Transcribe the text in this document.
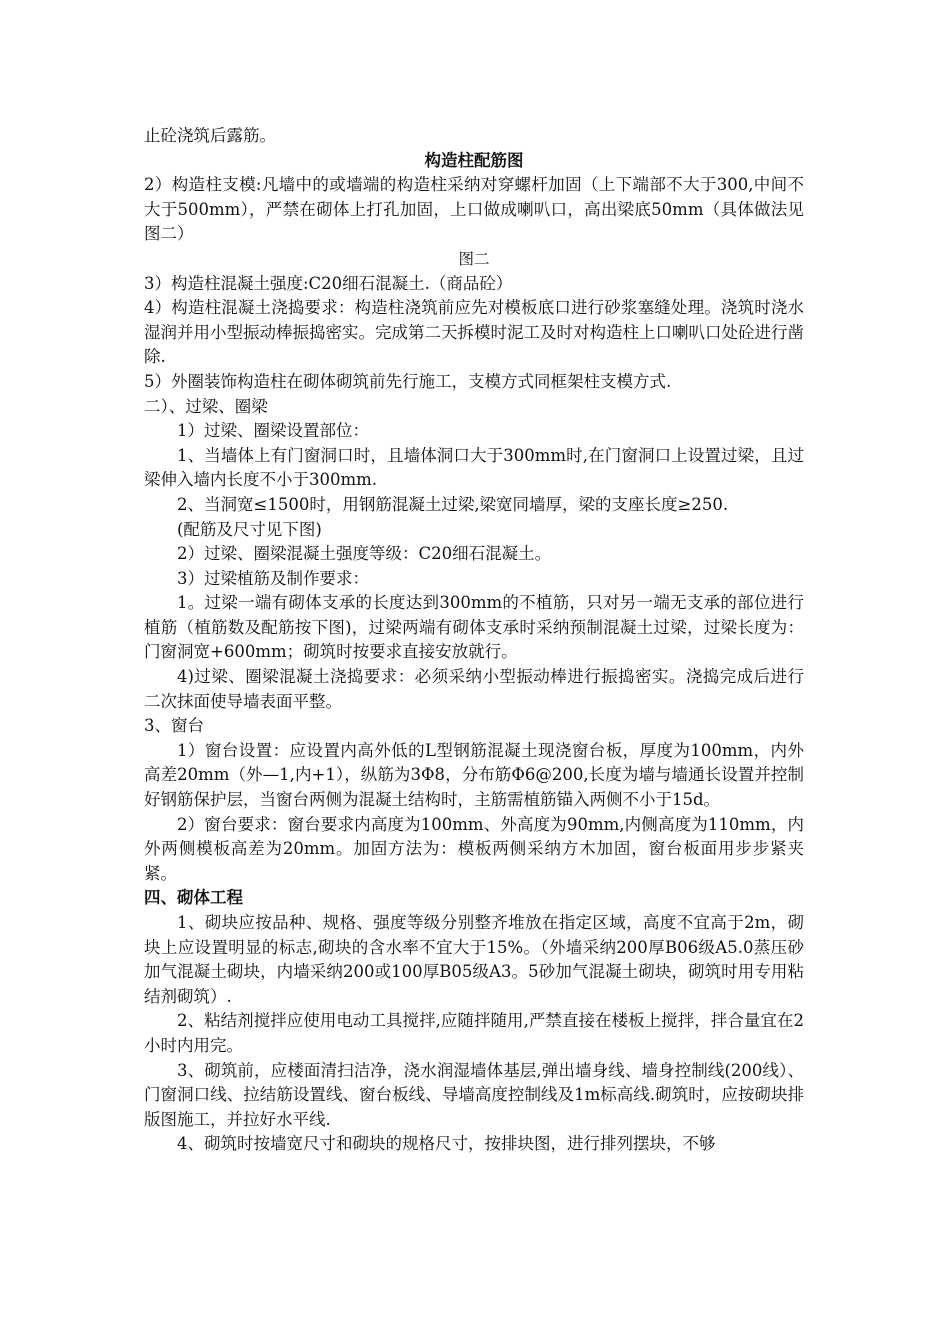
止砼浇筑后露筋。

构造柱配筋图

2）构造柱支模:凡墙中的或墙端的构造柱采纳对穿螺杆加固（上下端部不大于300,中间不大于500mm），严禁在砌体上打孔加固，上口做成喇叭口，高出梁底50mm（具体做法见图二）

图二

3）构造柱混凝土强度:C20细石混凝土.（商品砼）

4）构造柱混凝土浇捣要求：构造柱浇筑前应先对模板底口进行砂浆塞缝处理。浇筑时浇水湿润并用小型振动棒振捣密实。完成第二天拆模时泥工及时对构造柱上口喇叭口处砼进行凿除.

5）外圈装饰构造柱在砌体砌筑前先行施工，支模方式同框架柱支模方式.

二）、过梁、圈梁

1）过梁、圈梁设置部位：

1、当墙体上有门窗洞口时，且墙体洞口大于300mm时,在门窗洞口上设置过梁，且过梁伸入墙内长度不小于300mm.

2、当洞宽≤1500时，用钢筋混凝土过梁,梁宽同墙厚，梁的支座长度≥250.

(配筋及尺寸见下图)

2）过梁、圈梁混凝土强度等级：C20细石混凝土。

3）过梁植筋及制作要求：

1。过梁一端有砌体支承的长度达到300mm的不植筋，只对另一端无支承的部位进行植筋（植筋数及配筋按下图)，过梁两端有砌体支承时采纳预制混凝土过梁，过梁长度为：门窗洞宽+600mm；砌筑时按要求直接安放就行。

4)过梁、圈梁混凝土浇捣要求：必须采纳小型振动棒进行振捣密实。浇捣完成后进行二次抹面使导墙表面平整。

3、窗台

1）窗台设置：应设置内高外低的L型钢筋混凝土现浇窗台板，厚度为100mm，内外高差20mm（外—1,内+1），纵筋为3Φ8，分布筋Φ6@200,长度为墙与墙通长设置并控制好钢筋保护层，当窗台两侧为混凝土结构时，主筋需植筋锚入两侧不小于15d。

2）窗台要求：窗台要求内高度为100mm、外高度为90mm,内侧高度为110mm，内外两侧模板高差为20mm。加固方法为：模板两侧采纳方木加固，窗台板面用步步紧夹紧。

四、砌体工程

1、砌块应按品种、规格、强度等级分别整齐堆放在指定区域，高度不宜高于2m，砌块上应设置明显的标志,砌块的含水率不宜大于15%。（外墙采纳200厚B06级A5.0蒸压砂加气混凝土砌块，内墙采纳200或100厚B05级A3。5砂加气混凝土砌块，砌筑时用专用粘结剂砌筑）.

2、粘结剂搅拌应使用电动工具搅拌,应随拌随用,严禁直接在楼板上搅拌，拌合量宜在2小时内用完。

3、砌筑前，应楼面清扫洁净，浇水润湿墙体基层,弹出墙身线、墙身控制线(200线）、门窗洞口线、拉结筋设置线、窗台板线、导墙高度控制线及1m标高线.砌筑时，应按砌块排版图施工，并拉好水平线.

4、砌筑时按墙宽尺寸和砌块的规格尺寸，按排块图，进行排列摆块，不够
